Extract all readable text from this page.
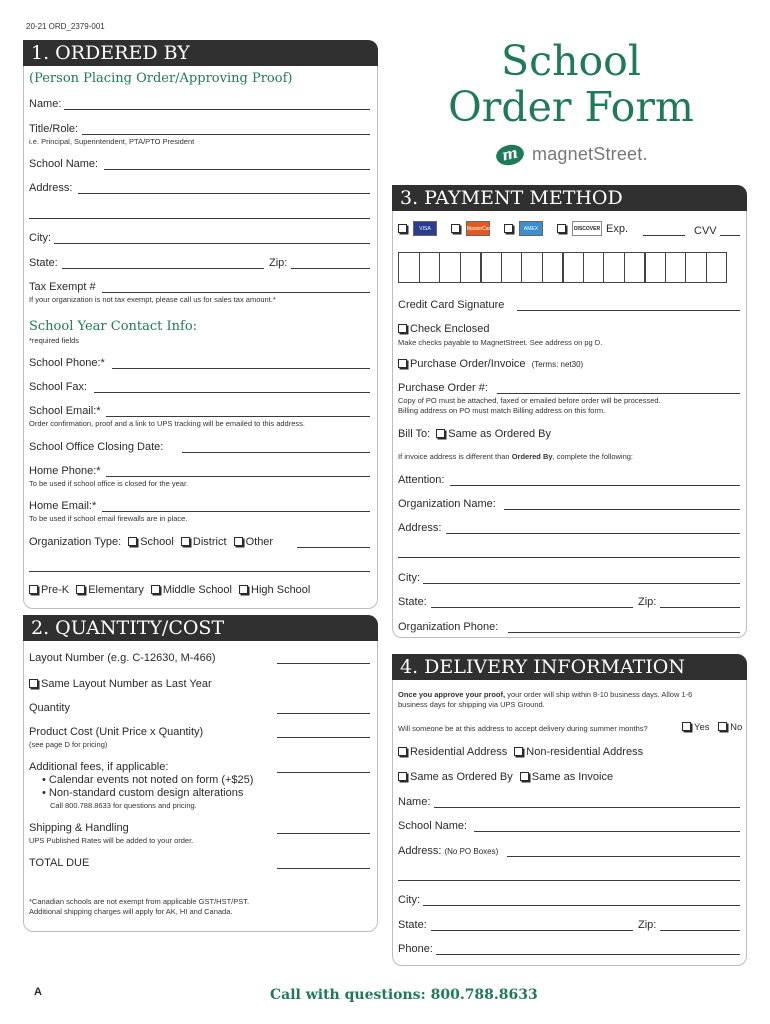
20-21 ORD_2379-001
School
Order Form
m magnetStreet.
1. ORDERED BY
(Person Placing Order/Approving Proof)
Name:
Title/Role:
i.e. Principal, Superintendent, PTA/PTO President
School Name:
Address:
City:
State:	Zip:
Tax Exempt #
If your organization is not tax exempt, please call us for sales tax amount.*
School Year Contact Info:
*required fields
School Phone:*
School Fax:
School Email:*
Order confirmation, proof and a link to UPS tracking will be emailed to this address.
School Office Closing Date:
Home Phone:*
To be used if school office is closed for the year.
Home Email:*
To be used if school email firewalls are in place.
Organization Type: School District Other
Pre-K Elementary Middle School High School
2. QUANTITY/COST
Layout Number (e.g. C-12630, M-466)
Same Layout Number as Last Year
Quantity
Product Cost (Unit Price x Quantity)
(see page D for pricing)
Additional fees, if applicable:
• Calendar events not noted on form (+$25)
• Non-standard custom design alterations
Call 800.788.8633 for questions and pricing.
Shipping & Handling
UPS Published Rates will be added to your order.
TOTAL DUE
*Canadian schools are not exempt from applicable GST/HST/PST.
Additional shipping charges will apply for AK, HI and Canada.
3. PAYMENT METHOD
VISA	MasterCard	AMEX	DISCOVER Exp.	CVV
Credit Card Signature
Check Enclosed
Make checks payable to MagnetStreet. See address on pg D.
Purchase Order/Invoice (Terms: net30)
Purchase Order #:
Copy of PO must be attached, faxed or emailed before order will be processed.
Billing address on PO must match Billing address on this form.
Bill To: Same as Ordered By
If invoice address is different than Ordered By, complete the following:
Attention:
Organization Name:
Address:
City:
State:	Zip:
Organization Phone:
4. DELIVERY INFORMATION
Once you approve your proof, your order will ship within 8-10 business days. Allow 1-6
business days for shipping via UPS Ground.
Will someone be at this address to accept delivery during summer months?	Yes No
Residential Address Non-residential Address
Same as Ordered By Same as Invoice
Name:
School Name:
Address: (No PO Boxes)
City:
State:	Zip:
Phone:
A	Call with questions: 800.788.8633
